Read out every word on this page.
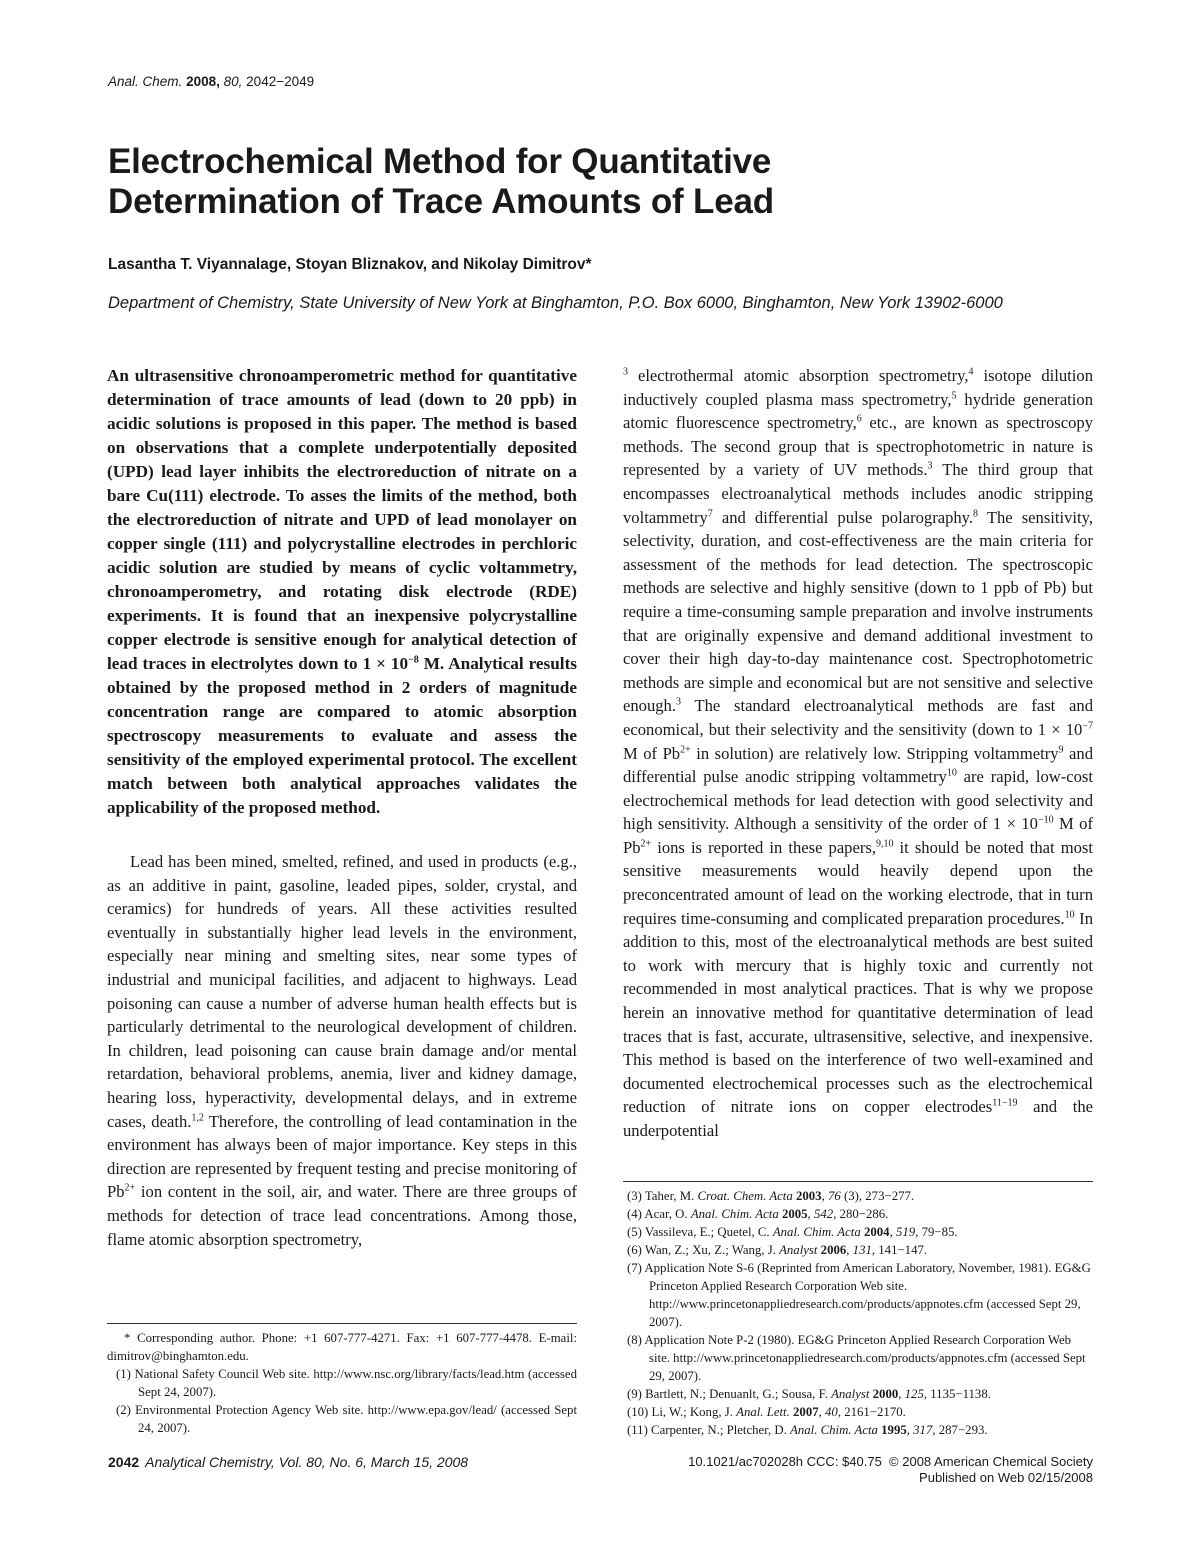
Anal. Chem. 2008, 80, 2042−2049
Electrochemical Method for Quantitative
Determination of Trace Amounts of Lead
Lasantha T. Viyannalage, Stoyan Bliznakov, and Nikolay Dimitrov*
Department of Chemistry, State University of New York at Binghamton, P.O. Box 6000, Binghamton, New York 13902-6000

An ultrasensitive chronoamperometric method for quantitative determination of trace amounts of lead (down to 20 ppb) in acidic solutions is proposed in this paper. The method is based on observations that a complete underpotentially deposited (UPD) lead layer inhibits the electroreduction of nitrate on a bare Cu(111) electrode. To asses the limits of the method, both the electroreduction of nitrate and UPD of lead monolayer on copper single (111) and polycrystalline electrodes in perchloric acidic solution are studied by means of cyclic voltammetry, chronoamperometry, and rotating disk electrode (RDE) experiments. It is found that an inexpensive polycrystalline copper electrode is sensitive enough for analytical detection of lead traces in electrolytes down to $1 \times 10^{-8}$ M. Analytical results obtained by the proposed method in 2 orders of magnitude concentration range are compared to atomic absorption spectroscopy measurements to evaluate and assess the sensitivity of the employed experimental protocol. The excellent match between both analytical approaches validates the applicability of the proposed method.

Lead has been mined, smelted, refined, and used in products (e.g., as an additive in paint, gasoline, leaded pipes, solder, crystal, and ceramics) for hundreds of years. All these activities resulted eventually in substantially higher lead levels in the environment, especially near mining and smelting sites, near some types of industrial and municipal facilities, and adjacent to highways. Lead poisoning can cause a number of adverse human health effects but is particularly detrimental to the neurological development of children. In children, lead poisoning can cause brain damage and/or mental retardation, behavioral problems, anemia, liver and kidney damage, hearing loss, hyperactivity, developmental delays, and in extreme cases, death.$^{1,2}$ Therefore, the controlling of lead contamination in the environment has always been of major importance. Key steps in this direction are represented by frequent testing and precise monitoring of $Pb^{2+}$ ion content in the soil, air, and water. There are three groups of methods for detection of trace lead concentrations. Among those, flame atomic absorption spectrometry,

$^3$ electrothermal atomic absorption spectrometry,$^4$ isotope dilution inductively coupled plasma mass spectrometry,$^5$ hydride generation atomic fluorescence spectrometry,$^6$ etc., are known as spectroscopy methods. The second group that is spectrophotometric in nature is represented by a variety of UV methods.$^3$ The third group that encompasses electroanalytical methods includes anodic stripping voltammetry$^7$ and differential pulse polarography.$^8$ The sensitivity, selectivity, duration, and cost-effectiveness are the main criteria for assessment of the methods for lead detection. The spectroscopic methods are selective and highly sensitive (down to 1 ppb of Pb) but require a time-consuming sample preparation and involve instruments that are originally expensive and demand additional investment to cover their high day-to-day maintenance cost. Spectrophotometric methods are simple and economical but are not sensitive and selective enough.$^3$ The standard electroanalytical methods are fast and economical, but their selectivity and the sensitivity (down to $1 \times 10^{-7}$ M of $Pb^{2+}$ in solution) are relatively low. Stripping voltammetry$^9$ and differential pulse anodic stripping voltammetry$^{10}$ are rapid, low-cost electrochemical methods for lead detection with good selectivity and high sensitivity. Although a sensitivity of the order of $1 \times 10^{-10}$ M of $Pb^{2+}$ ions is reported in these papers,$^{9,10}$ it should be noted that most sensitive measurements would heavily depend upon the preconcentrated amount of lead on the working electrode, that in turn requires time-consuming and complicated preparation procedures.$^{10}$ In addition to this, most of the electroanalytical methods are best suited to work with mercury that is highly toxic and currently not recommended in most analytical practices. That is why we propose herein an innovative method for quantitative determination of lead traces that is fast, accurate, ultrasensitive, selective, and inexpensive. This method is based on the interference of two well-examined and documented electrochemical processes such as the electrochemical reduction of nitrate ions on copper electrodes$^{11-19}$ and the underpotential

* Corresponding author. Phone: +1 607-777-4271. Fax: +1 607-777-4478. E-mail: dimitrov@binghamton.edu.

(1) National Safety Council Web site. http://www.nsc.org/library/facts/lead.htm (accessed Sept 24, 2007).

(2) Environmental Protection Agency Web site. http://www.epa.gov/lead/ (accessed Sept 24, 2007).

(3) Taher, M. Croat. Chem. Acta 2003, 76 (3), 273−277.
(4) Acar, O. Anal. Chim. Acta 2005, 542, 280−286.
(5) Vassileva, E.; Quetel, C. Anal. Chim. Acta 2004, 519, 79−85.
(6) Wan, Z.; Xu, Z.; Wang, J. Analyst 2006, 131, 141−147.
(7) Application Note S-6 (Reprinted from American Laboratory, November, 1981). EG&G Princeton Applied Research Corporation Web site. http://www.princetonappliedresearch.com/products/appnotes.cfm (accessed Sept 29, 2007).
(8) Application Note P-2 (1980). EG&G Princeton Applied Research Corporation Web site. http://www.princetonappliedresearch.com/products/appnotes.cfm (accessed Sept 29, 2007).
(9) Bartlett, N.; Denuanlt, G.; Sousa, F. Analyst 2000, 125, 1135−1138.
(10) Li, W.; Kong, J. Anal. Lett. 2007, 40, 2161−2170.
(11) Carpenter, N.; Pletcher, D. Anal. Chim. Acta 1995, 317, 287−293.
2042 Analytical Chemistry, Vol. 80, No. 6, March 15, 2008	10.1021/ac702028h CCC: $40.75 © 2008 American Chemical Society
Published on Web 02/15/2008
